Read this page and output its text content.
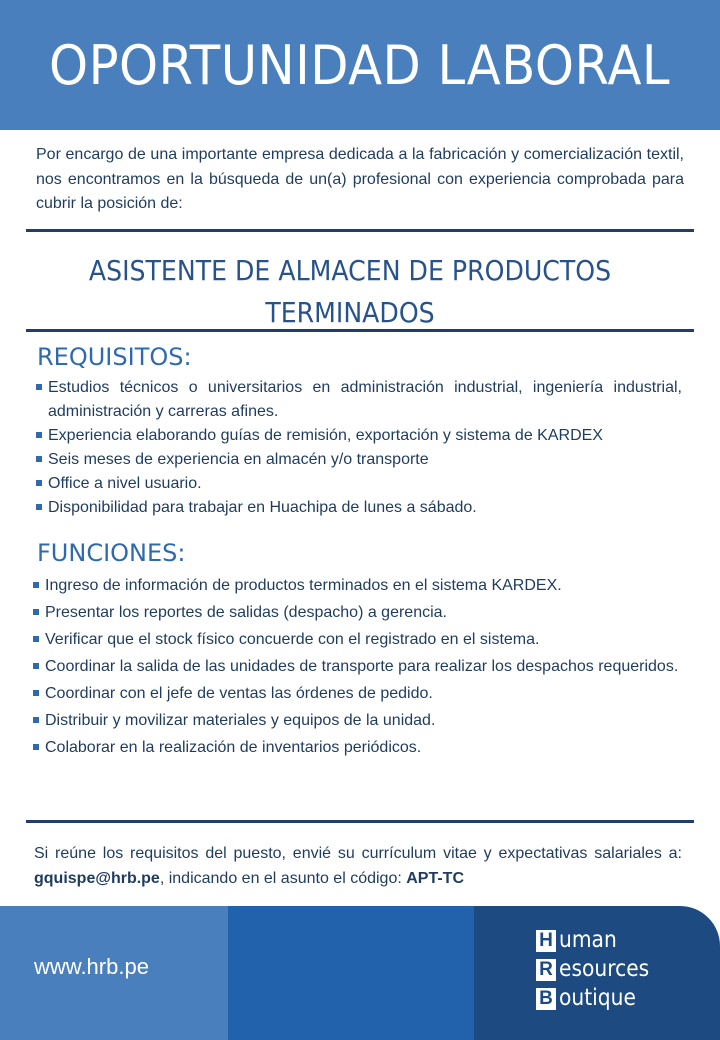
OPORTUNIDAD LABORAL

Por encargo de una importante empresa dedicada a la fabricación y comercialización textil, nos encontramos en la búsqueda de un(a) profesional con experiencia comprobada para cubrir la posición de:

ASISTENTE DE ALMACEN DE PRODUCTOS TERMINADOS
REQUISITOS:
Estudios técnicos o universitarios en administración industrial, ingeniería industrial, administración y carreras afines.
Experiencia elaborando guías de remisión, exportación y sistema de KARDEX
Seis meses de experiencia en almacén y/o transporte
Office a nivel usuario.
Disponibilidad para trabajar en Huachipa de lunes a sábado.
FUNCIONES:
Ingreso de información de productos terminados en el sistema KARDEX.
Presentar los reportes de salidas (despacho) a gerencia.
Verificar que el stock físico concuerde con el registrado en el sistema.
Coordinar la salida de las unidades de transporte para realizar los despachos requeridos.
Coordinar con el jefe de ventas las órdenes de pedido.
Distribuir y movilizar materiales y equipos de la unidad.
Colaborar en la realización de inventarios periódicos.

Si reúne los requisitos del puesto, envié su currículum vitae y expectativas salariales a: gquispe@hrb.pe, indicando en el asunto el código: APT-TC

www.hrb.pe

H uman
R esources
B outique
